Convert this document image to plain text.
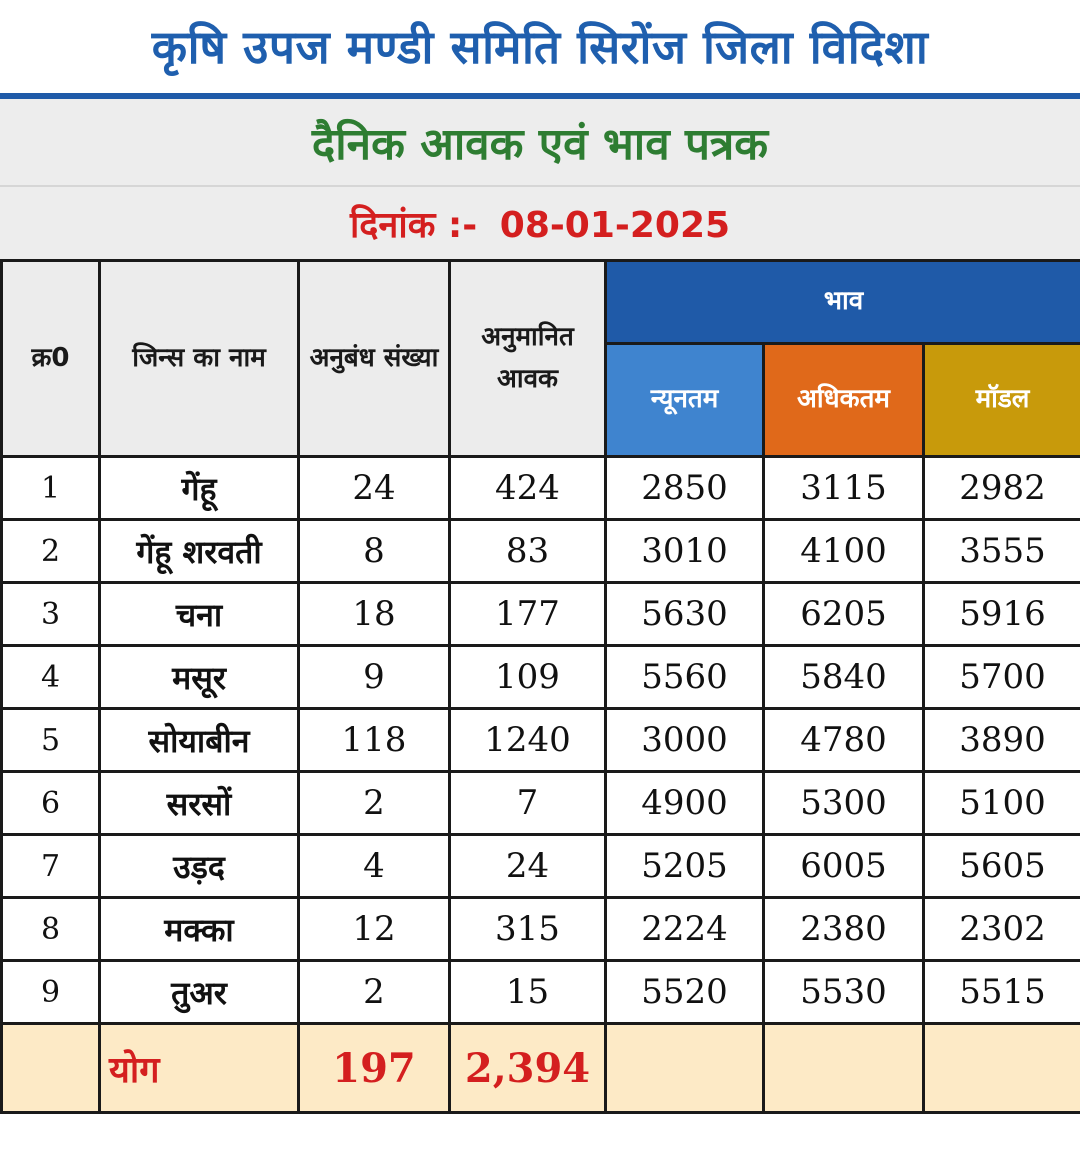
कृषि उपज मण्डी समिति सिरोंज जिला विदिशा
दैनिक आवक एवं भाव पत्रक
दिनांक :- 08-01-2025
क्र0	जिन्स का नाम	अनुबंध संख्या	अनुमानित आवक	भाव		
				न्यूनतम	अधिकतम	मॉडल
1	गेंहू	24	424	2850	3115	2982
2	गेंहू शरवती	8	83	3010	4100	3555
3	चना	18	177	5630	6205	5916
4	मसूर	9	109	5560	5840	5700
5	सोयाबीन	118	1240	3000	4780	3890
6	सरसों	2	7	4900	5300	5100
7	उड़द	4	24	5205	6005	5605
8	मक्का	12	315	2224	2380	2302
9	तुअर	2	15	5520	5530	5515
	योग	197	2,394			
